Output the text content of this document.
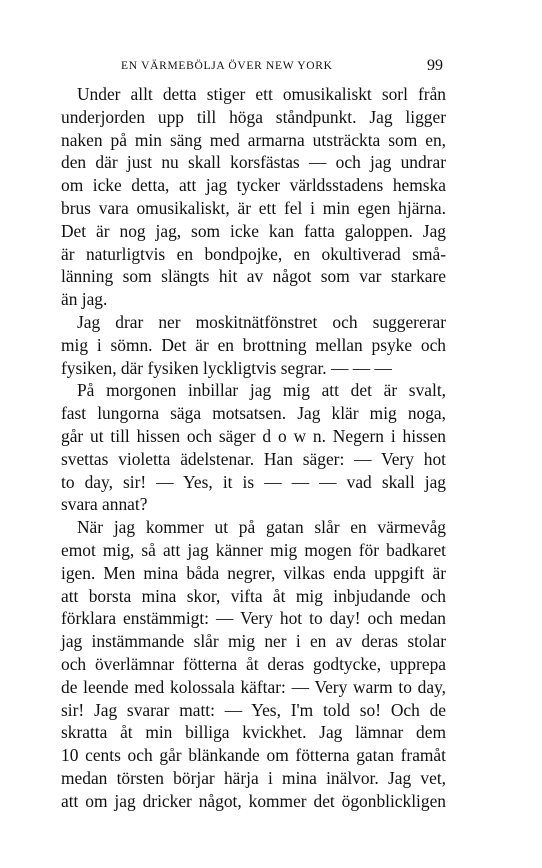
EN VÄRMEBÖLJA ÖVER NEW YORK	99
Under allt detta stiger ett omusikaliskt sorl från
underjorden upp till höga ståndpunkt. Jag ligger
naken på min säng med armarna utsträckta som en,
den där just nu skall korsfästas — och jag undrar
om icke detta, att jag tycker världsstadens hemska
brus vara omusikaliskt, är ett fel i min egen hjärna.
Det är nog jag, som icke kan fatta galoppen. Jag
är naturligtvis en bondpojke, en okultiverad små-
länning som slängts hit av något som var starkare
än jag.
Jag drar ner moskitnätfönstret och suggererar
mig i sömn. Det är en brottning mellan psyke och
fysiken, där fysiken lyckligtvis segrar. — — —
På morgonen inbillar jag mig att det är svalt,
fast lungorna säga motsatsen. Jag klär mig noga,
går ut till hissen och säger d o w n. Negern i hissen
svettas violetta ädelstenar. Han säger: — Very hot
to day, sir! — Yes, it is — — — vad skall jag
svara annat?
När jag kommer ut på gatan slår en värmevåg
emot mig, så att jag känner mig mogen för badkaret
igen. Men mina båda negrer, vilkas enda uppgift är
att borsta mina skor, vifta åt mig inbjudande och
förklara enstämmigt: — Very hot to day! och medan
jag instämmande slår mig ner i en av deras stolar
och överlämnar fötterna åt deras godtycke, upprepa
de leende med kolossala käftar: — Very warm to day,
sir! Jag svarar matt: — Yes, I'm told so! Och de
skratta åt min billiga kvickhet. Jag lämnar dem
10 cents och går blänkande om fötterna gatan framåt
medan törsten börjar härja i mina inälvor. Jag vet,
att om jag dricker något, kommer det ögonblickligen
